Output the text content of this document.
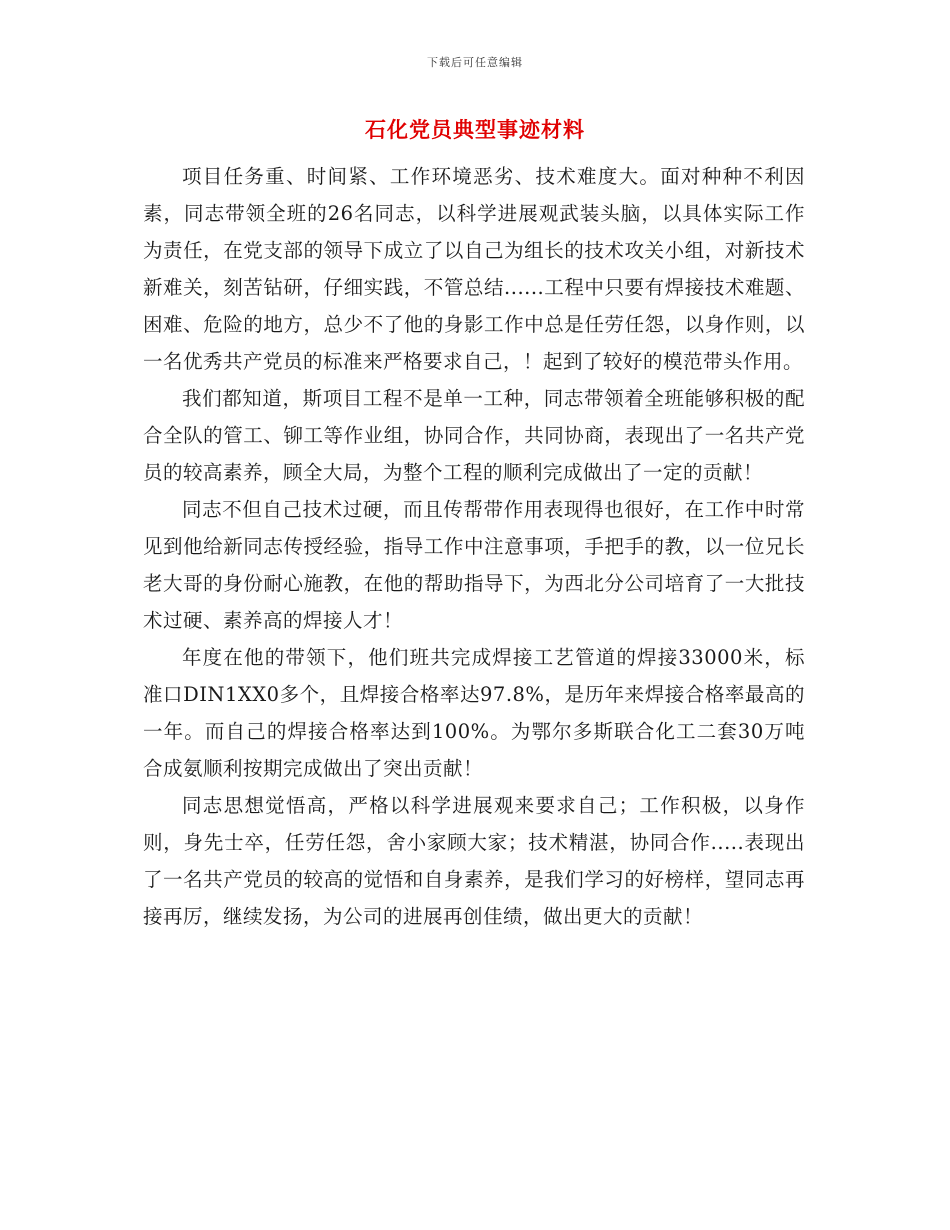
下载后可任意编辑
石化党员典型事迹材料

项目任务重、时间紧、工作环境恶劣、技术难度大。面对种种不利因素，同志带领全班的26名同志，以科学进展观武装头脑，以具体实际工作为责任，在党支部的领导下成立了以自己为组长的技术攻关小组，对新技术新难关，刻苦钻研，仔细实践，不管总结......工程中只要有焊接技术难题、困难、危险的地方，总少不了他的身影工作中总是任劳任怨，以身作则，以一名优秀共产党员的标准来严格要求自己，！起到了较好的模范带头作用。

我们都知道，斯项目工程不是单一工种，同志带领着全班能够积极的配合全队的管工、铆工等作业组，协同合作，共同协商，表现出了一名共产党员的较高素养，顾全大局，为整个工程的顺利完成做出了一定的贡献！

同志不但自己技术过硬，而且传帮带作用表现得也很好，在工作中时常见到他给新同志传授经验，指导工作中注意事项，手把手的教，以一位兄长老大哥的身份耐心施教，在他的帮助指导下，为西北分公司培育了一大批技术过硬、素养高的焊接人才！

年度在他的带领下，他们班共完成焊接工艺管道的焊接33000米，标准口DIN1XX0多个，且焊接合格率达97.8%，是历年来焊接合格率最高的一年。而自己的焊接合格率达到100%。为鄂尔多斯联合化工二套30万吨合成氨顺利按期完成做出了突出贡献！

同志思想觉悟高，严格以科学进展观来要求自己；工作积极，以身作则，身先士卒，任劳任怨，舍小家顾大家；技术精湛，协同合作.....表现出了一名共产党员的较高的觉悟和自身素养，是我们学习的好榜样，望同志再接再厉，继续发扬，为公司的进展再创佳绩，做出更大的贡献！
